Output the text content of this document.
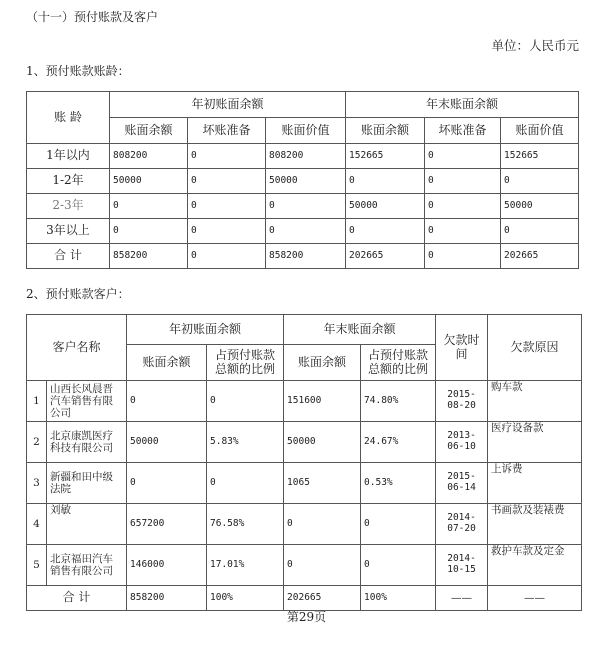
（十一）预付账款及客户
单位：人民币元
1、预付账款账龄：
账 龄	年初账面余额			年末账面余额		
	账面余额	坏账准备	账面价值	账面余额	坏账准备	账面价值
1年以内	808200	0	808200	152665	0	152665
1-2年	50000	0	50000	0	0	0
2-3年	0	0	0	50000	0	50000
3年以上	0	0	0	0	0	0
合 计	858200	0	858200	202665	0	202665
2、预付账款客户：
客户名称		年初账面余额		年末账面余额		欠款时间	欠款原因
		账面余额	占预付账款总额的比例	账面余额	占预付账款总额的比例		
1	山西长风晨晋汽车销售有限公司	0	0	151600	74.80%	2015-08-20	购车款
2	北京康凯医疗科技有限公司	50000	5.83%	50000	24.67%	2013-06-10	医疗设备款
3	新疆和田中级法院	0	0	1065	0.53%	2015-06-14	上诉费
4	刘敏	657200	76.58%	0	0	2014-07-20	书画款及装裱费
5	北京福田汽车销售有限公司	146000	17.01%	0	0	2014-10-15	救护车款及定金
合 计		858200	100%	202665	100%	——	——
第29页
